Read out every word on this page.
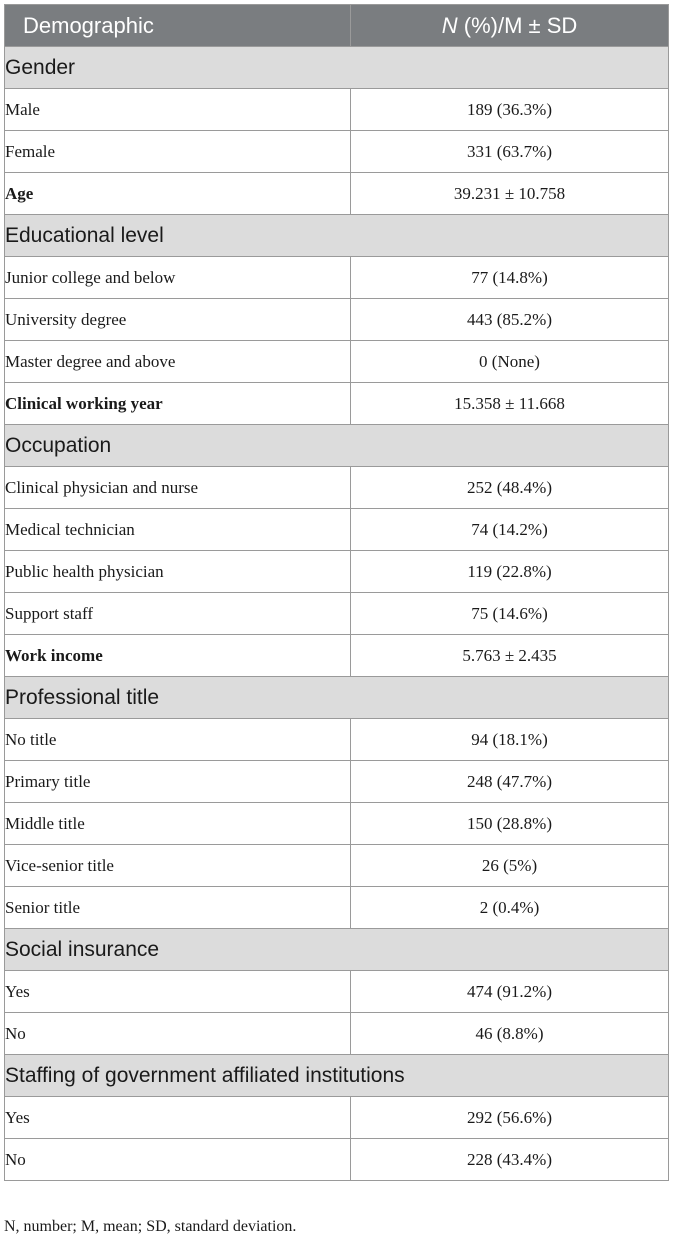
Demographic	N (%)/M ± SD
Gender	
Male	189 (36.3%)
Female	331 (63.7%)
Age	39.231 ± 10.758
Educational level	
Junior college and below	77 (14.8%)
University degree	443 (85.2%)
Master degree and above	0 (None)
Clinical working year	15.358 ± 11.668
Occupation	
Clinical physician and nurse	252 (48.4%)
Medical technician	74 (14.2%)
Public health physician	119 (22.8%)
Support staff	75 (14.6%)
Work income	5.763 ± 2.435
Professional title	
No title	94 (18.1%)
Primary title	248 (47.7%)
Middle title	150 (28.8%)
Vice-senior title	26 (5%)
Senior title	2 (0.4%)
Social insurance	
Yes	474 (91.2%)
No	46 (8.8%)
Staffing of government affiliated institutions	
Yes	292 (56.6%)
No	228 (43.4%)
N, number; M, mean; SD, standard deviation.
